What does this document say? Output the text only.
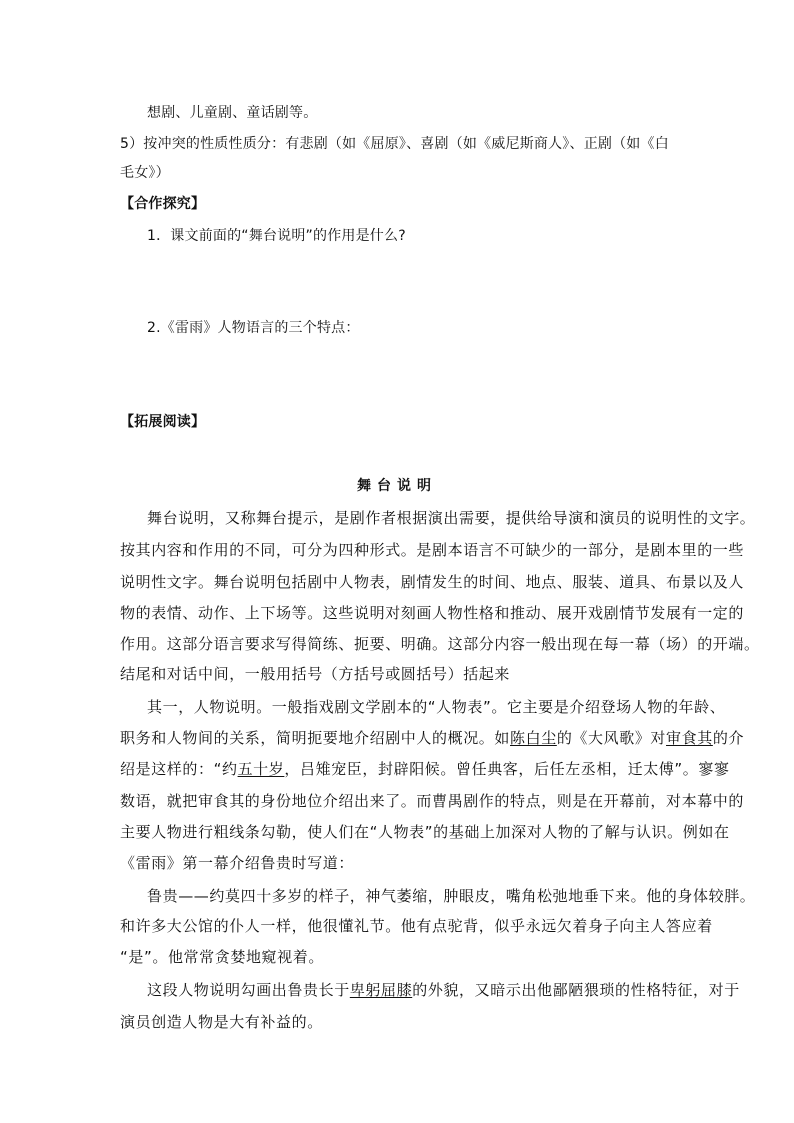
想剧、儿童剧、童话剧等。
5）按冲突的性质性质分：有悲剧（如《屈原》、喜剧（如《威尼斯商人》、正剧（如《白
毛女》）
【合作探究】
1．课文前面的“舞台说明”的作用是什么?
2.《雷雨》人物语言的三个特点：
【拓展阅读】
舞台说明
舞台说明，又称舞台提示，是剧作者根据演出需要，提供给导演和演员的说明性的文字。
按其内容和作用的不同，可分为四种形式。是剧本语言不可缺少的一部分，是剧本里的一些
说明性文字。舞台说明包括剧中人物表，剧情发生的时间、地点、服装、道具、布景以及人
物的表情、动作、上下场等。这些说明对刻画人物性格和推动、展开戏剧情节发展有一定的
作用。这部分语言要求写得简练、扼要、明确。这部分内容一般出现在每一幕（场）的开端。
结尾和对话中间，一般用括号（方括号或圆括号）括起来
其一，人物说明。一般指戏剧文学剧本的“人物表”。它主要是介绍登场人物的年龄、
职务和人物间的关系，简明扼要地介绍剧中人的概况。如陈白尘的《大风歌》对审食其的介
绍是这样的：“约五十岁，吕雉宠臣，封辟阳候。曾任典客，后任左丞相，迁太傅”。寥寥
数语，就把审食其的身份地位介绍出来了。而曹禺剧作的特点，则是在开幕前，对本幕中的
主要人物进行粗线条勾勒，使人们在“人物表”的基础上加深对人物的了解与认识。例如在
《雷雨》第一幕介绍鲁贵时写道：
鲁贵——约莫四十多岁的样子，神气萎缩，肿眼皮，嘴角松弛地垂下来。他的身体较胖。
和许多大公馆的仆人一样，他很懂礼节。他有点驼背，似乎永远欠着身子向主人答应着
“是”。他常常贪婪地窥视着。
这段人物说明勾画出鲁贵长于卑躬屈膝的外貌，又暗示出他鄙陋猥琐的性格特征，对于
演员创造人物是大有补益的。
